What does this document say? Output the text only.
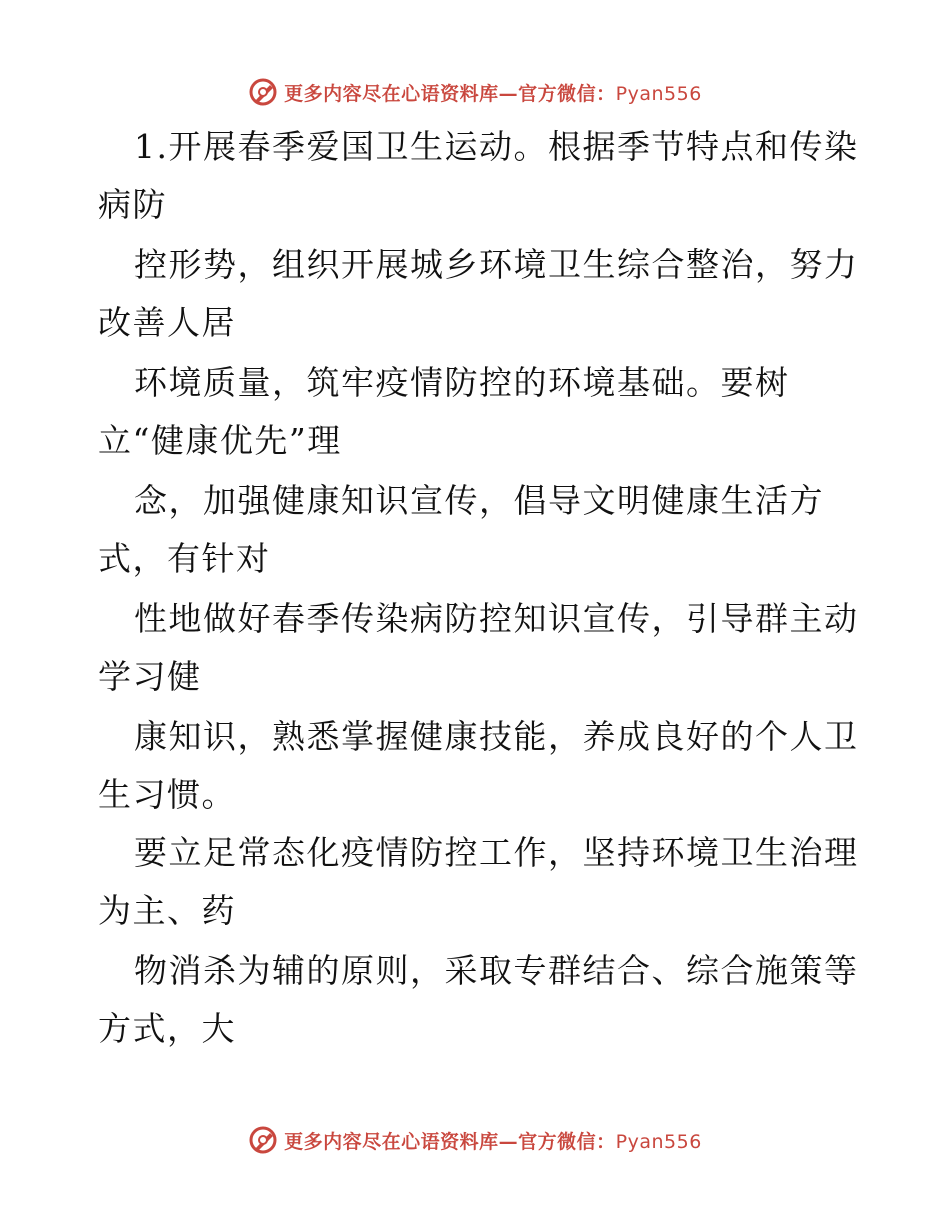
更多内容尽在心语资料库—官方微信：Pyan556
1.开展春季爱国卫生运动。根据季节特点和传染
病防
控形势，组织开展城乡环境卫生综合整治，努力
改善人居
环境质量，筑牢疫情防控的环境基础。要树
立“健康优先”理
念，加强健康知识宣传，倡导文明健康生活方
式，有针对
性地做好春季传染病防控知识宣传，引导群主动
学习健
康知识，熟悉掌握健康技能，养成良好的个人卫
生习惯。
要立足常态化疫情防控工作，坚持环境卫生治理
为主、药
物消杀为辅的原则，采取专群结合、综合施策等
方式，大
更多内容尽在心语资料库—官方微信：Pyan556
